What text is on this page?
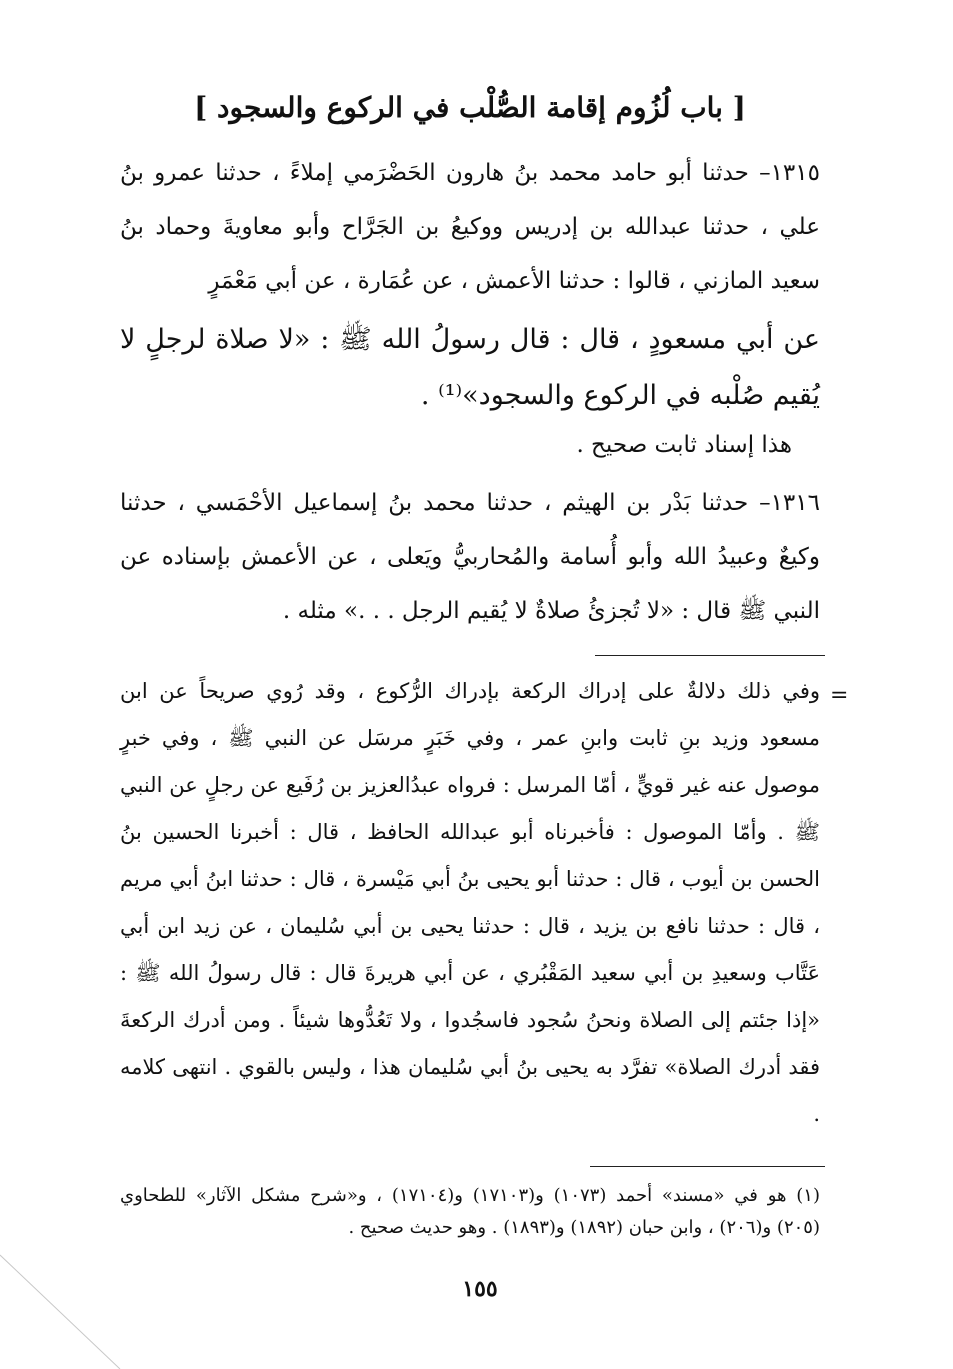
[ باب لُزُوم إقامة الصُّلْب في الركوع والسجود ]
١٣١٥– حدثنا أبو حامد محمد بنُ هارون الحَضْرَمي إملاءً ، حدثنا عمرو بنُ علي ، حدثنا عبدالله بن إدريس ووكيعُ بن الجَرَّاح وأبو معاويةَ وحماد بنُ سعيد المازني ، قالوا : حدثنا الأعمش ، عن عُمَارة ، عن أبي مَعْمَرٍ
عن أبي مسعودٍ ، قال : قال رسولُ الله ﷺ : «لا صلاة لرجلٍ لا يُقيم صُلْبه في الركوع والسجود»⁽¹⁾ .
هذا إسناد ثابت صحيح .
١٣١٦– حدثنا بَدْر بن الهيثم ، حدثنا محمد بنُ إسماعيل الأحْمَسي ، حدثنا وكيعٌ وعبيدُ الله وأبو أُسامة والمُحاربيُّ ويَعلى ، عن الأعمش بإسناده عن النبي ﷺ قال : «لا تُجزئُ صلاةٌ لا يُقيم الرجل . . .» مثله .
=
وفي ذلك دلالةٌ على إدراك الركعة بإدراك الرُّكوع ، وقد رُوي صريحاً عن ابن مسعود وزيد بنِ ثابت وابنِ عمر ، وفي خَبَرٍ مرسَل عن النبي ﷺ ، وفي خبرٍ موصول عنه غير قويٍّ ، أمّا المرسل : فرواه عبدُالعزيز بن رُفَيع عن رجلٍ عن النبي ﷺ . وأمّا الموصول : فأخبرناه أبو عبدالله الحافظ ، قال : أخبرنا الحسين بنُ الحسن بن أيوب ، قال : حدثنا أبو يحيى بنُ أبي مَيْسرة ، قال : حدثنا ابنُ أبي مريم ، قال : حدثنا نافع بن يزيد ، قال : حدثنا يحيى بن أبي سُليمان ، عن زيد ابن أبي عَتَّاب وسعيدِ بن أبي سعيد المَقْبُري ، عن أبي هريرةَ قال : قال رسولُ الله ﷺ : «إذا جئتم إلى الصلاة ونحنُ سُجود فاسجُدوا ، ولا تَعُدُّوها شيئاً . ومن أدرك الركعةَ فقد أدرك الصلاة» تفرَّد به يحيى بنُ أبي سُليمان هذا ، وليس بالقوي . انتهى كلامه .
(١) هو في «مسند» أحمد (١٠٧٣) و(١٧١٠٣) و(١٧١٠٤) ، و«شرح مشكل الآثار» للطحاوي (٢٠٥) و(٢٠٦) ، وابن حبان (١٨٩٢) و(١٨٩٣) . وهو حديث صحيح .
١٥٥
